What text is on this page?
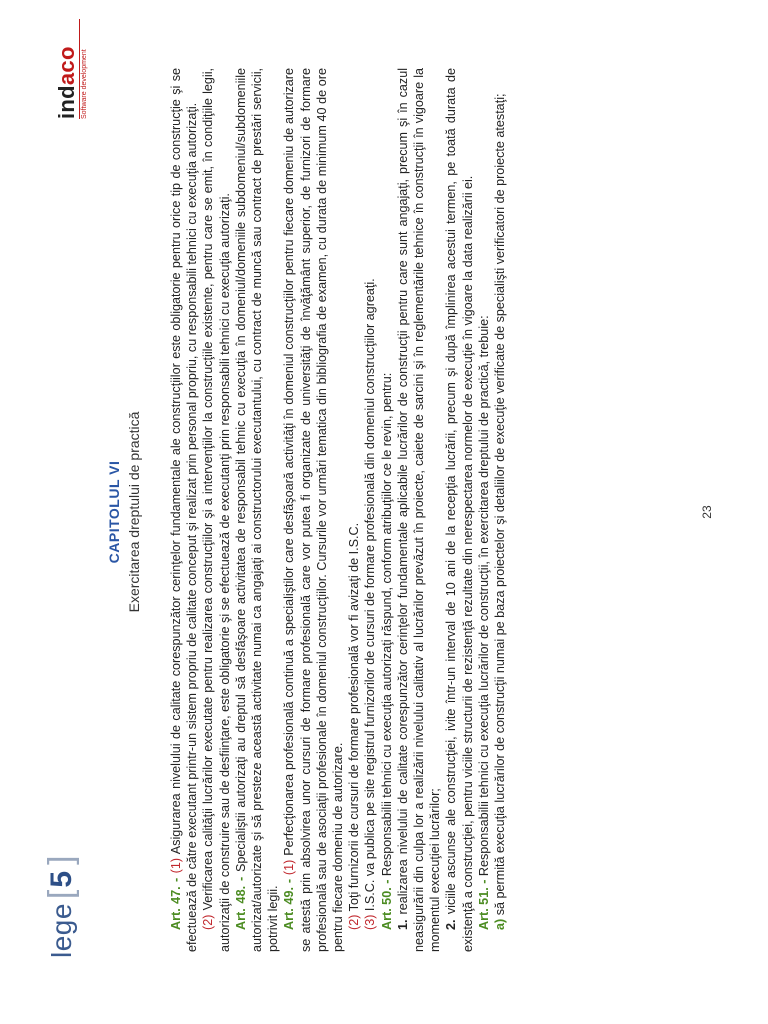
lege
[
5
]
indaco Software development
CAPITOLUL VI Exercitarea dreptului de practică

Art. 47. - (1) Asigurarea nivelului de calitate corespunzător cerinţelor fundamentale ale construcţiilor este obligatorie pentru orice tip de construcţie şi se efectuează de către executant printr-un sistem propriu de calitate conceput şi realizat prin personal propriu, cu responsabili tehnici cu execuţia autorizaţi. (2) Verificarea calităţii lucrărilor executate pentru realizarea construcţiilor şi a intervenţiilor la construcţiile existente, pentru care se emit, în condiţiile legii, autorizaţii de construire sau de desfiinţare, este obligatorie şi se efectuează de executanţi prin responsabili tehnici cu execuţia autorizaţi. Art. 48. - Specialiştii autorizaţi au dreptul să desfăşoare activitatea de responsabil tehnic cu execuţia în domeniul/domeniile subdomeniul/subdomeniile autorizat/autorizate şi să presteze această activitate numai ca angajaţi ai constructorului executantului, cu contract de muncă sau contract de prestări servicii, potrivit legii. Art. 49. - (1) Perfecţionarea profesională continuă a specialiştilor care desfăşoară activităţi în domeniul construcţiilor pentru fiecare domeniu de autorizare se atestă prin absolvirea unor cursuri de formare profesională care vor putea fi organizate de universităţi de învăţământ superior, de furnizori de formare profesională sau de asociaţii profesionale în domeniul construcţiilor. Cursurile vor urmări tematica din bibliografia de examen, cu durata de minimum 40 de ore pentru fiecare domeniu de autorizare. (2) Toţi furnizorii de cursuri de formare profesională vor fi avizaţi de I.S.C.

(3) I.S.C. va publica pe site registrul furnizorilor de cursuri de formare profesională din domeniul construcţiilor agreaţi. Art. 50. - Responsabilii tehnici cu execuţia autorizaţi răspund, conform atribuţiilor ce le revin, pentru:

1. realizarea nivelului de calitate corespunzător cerinţelor fundamentale aplicabile lucrărilor de construcţii pentru care sunt angajaţi, precum şi în cazul neasigurării din culpa lor a realizării nivelului calitativ al lucrărilor prevăzut în proiecte, caiete de sarcini şi în reglementările tehnice în construcţii în vigoare la momentul execuţiei lucrărilor; 2. viciile ascunse ale construcţiei, ivite într-un interval de 10 ani de la recepţia lucrării, precum şi după împlinirea acestui termen, pe toată durata de existenţă a construcţiei, pentru viciile structurii de rezistenţă rezultate din nerespectarea normelor de execuţie în vigoare la data realizării ei. Art. 51. - Responsabilii tehnici cu execuţia lucrărilor de construcţii, în exercitarea dreptului de practică, trebuie:

a) să permită execuţia lucrărilor de construcţii numai pe baza proiectelor şi detaliilor de execuţie verificate de specialişti verificatori de proiecte atestaţi;	23
